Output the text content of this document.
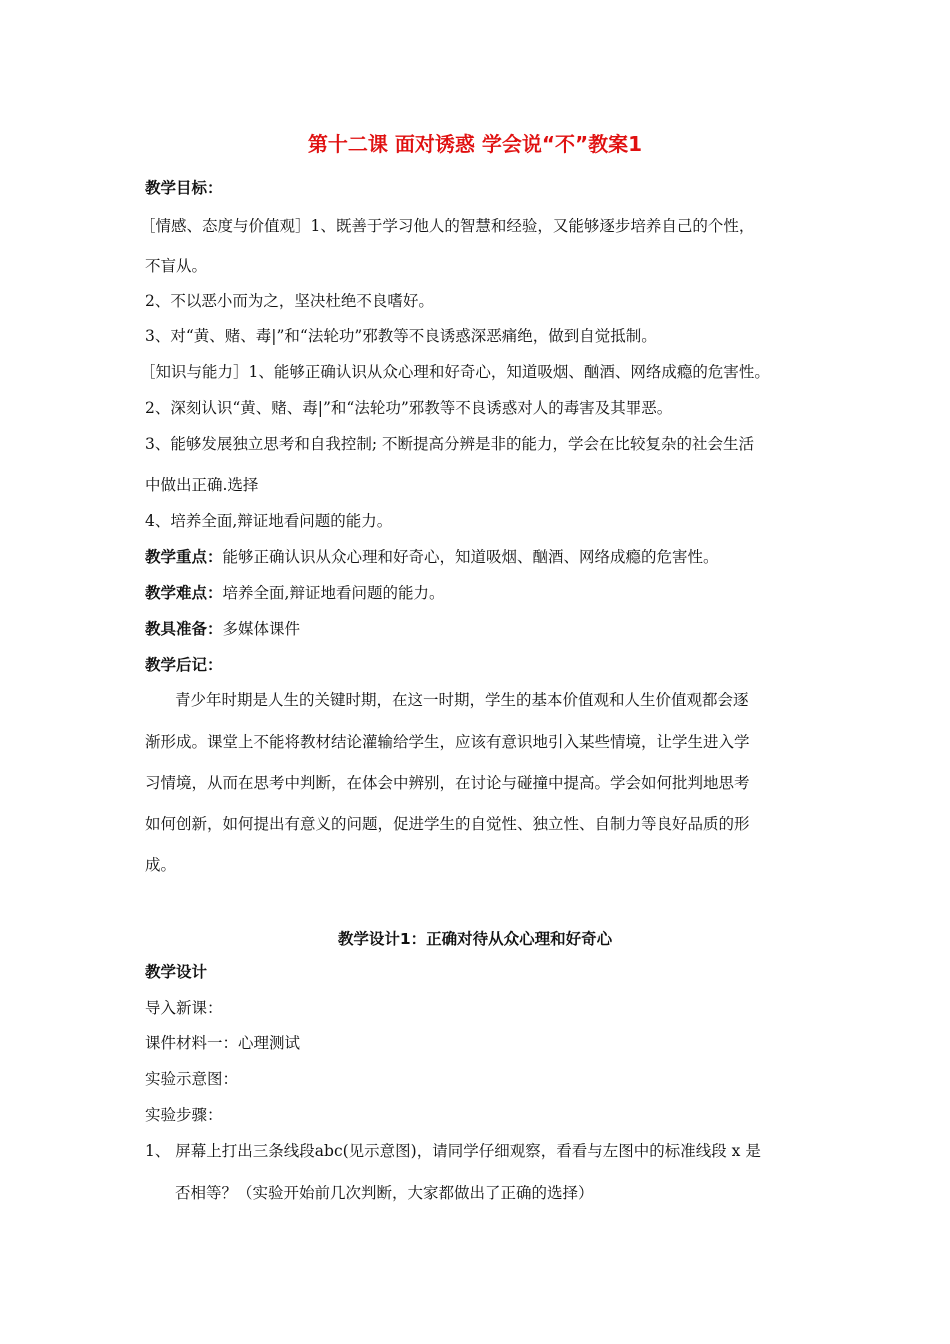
第十二课 面对诱惑 学会说“不”教案1
教学目标：
［情感、态度与价值观］1、既善于学习他人的智慧和经验，又能够逐步培养自己的个性，
不盲从。
2、不以恶小而为之，坚决杜绝不良嗜好。
3、对“黄、赌、毒|”和“法轮功”邪教等不良诱惑深恶痛绝，做到自觉抵制。
［知识与能力］1、能够正确认识从众心理和好奇心，知道吸烟、酗酒、网络成瘾的危害性。
2、深刻认识“黄、赌、毒|”和“法轮功”邪教等不良诱惑对人的毒害及其罪恶。
3、能够发展独立思考和自我控制; 不断提高分辨是非的能力，学会在比较复杂的社会生活
中做出正确.选择
4、培养全面,辩证地看问题的能力。
教学重点：能够正确认识从众心理和好奇心，知道吸烟、酗酒、网络成瘾的危害性。
教学难点：培养全面,辩证地看问题的能力。
教具准备：多媒体课件
教学后记：
青少年时期是人生的关键时期，在这一时期，学生的基本价值观和人生价值观都会逐
渐形成。课堂上不能将教材结论灌输给学生，应该有意识地引入某些情境，让学生进入学
习情境，从而在思考中判断，在体会中辨别，在讨论与碰撞中提高。学会如何批判地思考
如何创新，如何提出有意义的问题，促进学生的自觉性、独立性、自制力等良好品质的形
成。
教学设计1：正确对待从众心理和好奇心
教学设计
导入新课：
课件材料一：心理测试
实验示意图：
实验步骤：
1、 屏幕上打出三条线段abc(见示意图)，请同学仔细观察，看看与左图中的标准线段 x 是
否相等？（实验开始前几次判断，大家都做出了正确的选择）
